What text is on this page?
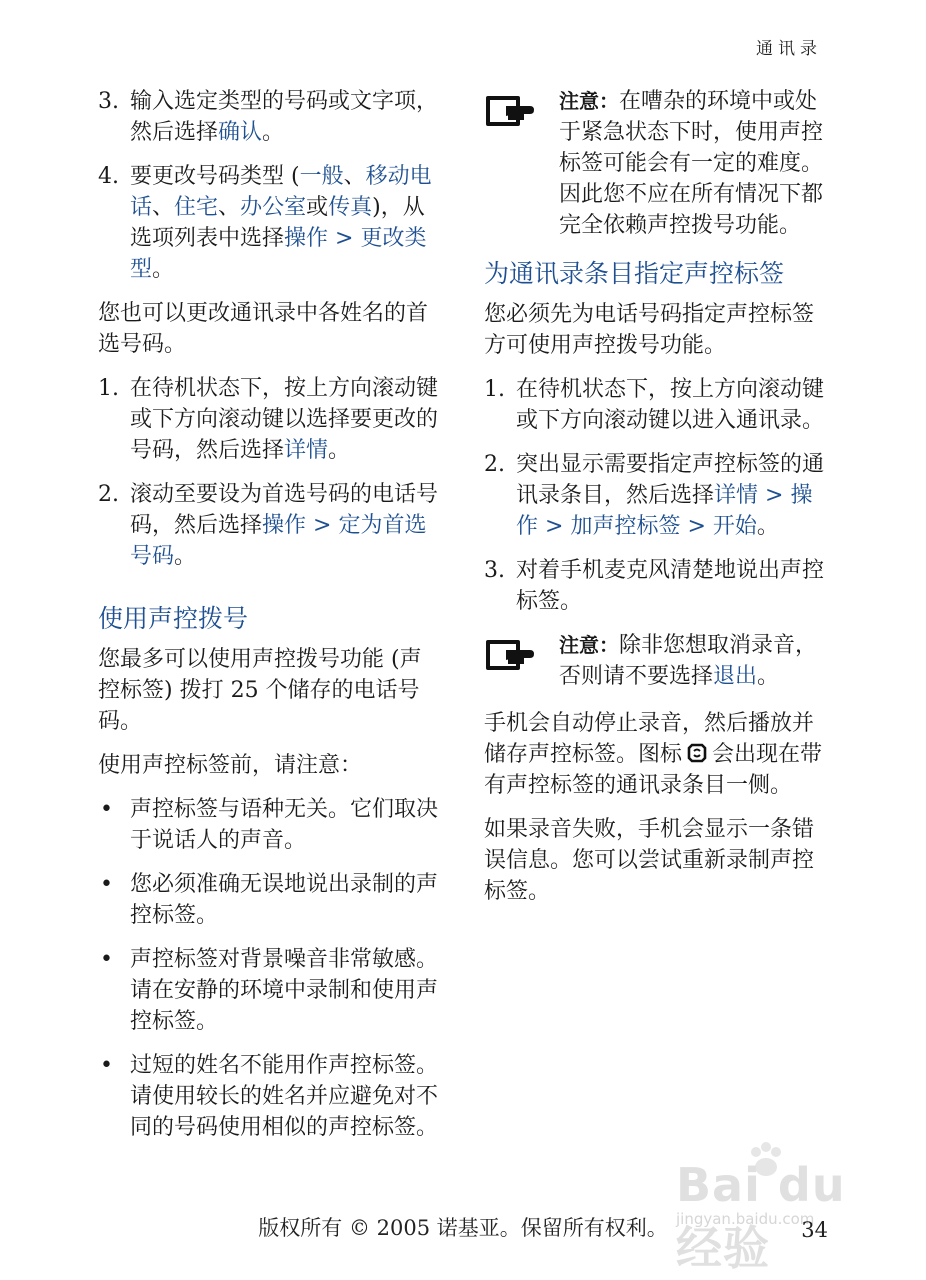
通讯录
3. 输入选定类型的号码或文字项，然后选择确认。
4. 要更改号码类型 (一般、移动电话、住宅、办公室或传真)，从选项列表中选择操作 > 更改类型。

您也可以更改通讯录中各姓名的首选号码。

1. 在待机状态下，按上方向滚动键或下方向滚动键以选择要更改的号码，然后选择详情。
2. 滚动至要设为首选号码的电话号码，然后选择操作 > 定为首选号码。
使用声控拨号

您最多可以使用声控拨号功能 (声控标签) 拨打 25 个储存的电话号码。

使用声控标签前，请注意：

• 声控标签与语种无关。它们取决于说话人的声音。
• 您必须准确无误地说出录制的声控标签。
• 声控标签对背景噪音非常敏感。请在安静的环境中录制和使用声控标签。
• 过短的姓名不能用作声控标签。请使用较长的姓名并应避免对不同的号码使用相似的声控标签。
注意：在嘈杂的环境中或处于紧急状态下时，使用声控标签可能会有一定的难度。因此您不应在所有情况下都完全依赖声控拨号功能。
为通讯录条目指定声控标签

您必须先为电话号码指定声控标签方可使用声控拨号功能。

1. 在待机状态下，按上方向滚动键或下方向滚动键以进入通讯录。
2. 突出显示需要指定声控标签的通讯录条目，然后选择详情 > 操作 > 加声控标签 > 开始。
3. 对着手机麦克风清楚地说出声控标签。
注意：除非您想取消录音，否则请不要选择退出。

手机会自动停止录音，然后播放并储存声控标签。图标 会出现在带有声控标签的通讯录条目一侧。

如果录音失败，手机会显示一条错误信息。您可以尝试重新录制声控标签。

Bai du 经验
jingyan.baidu.com
版权所有 © 2005 诺基亚。保留所有权利。	34
